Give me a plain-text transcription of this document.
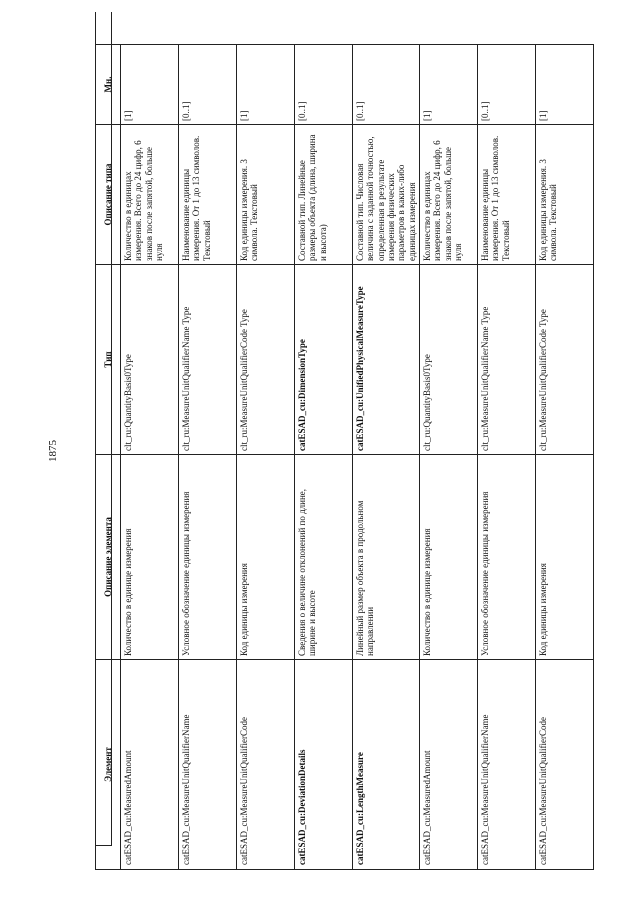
1875
Элемент	Описание элемента	Тип	Описание типа	Мн.
catESAD_cu:MeasuredAmount	Количество в единице измерения	clt_ru:QuantityBasis0Type	Количество в единицах измерения. Всего до 24 цифр, 6 знаков после запятой, больше нуля	[1]
catESAD_cu:MeasureUnitQualifierName	Условное обозначение единицы измерения	clt_ru:MeasureUnitQualifierName Type	Наименование единицы измерения. От 1 до 13 символов. Текстовый	[0..1]
catESAD_cu:MeasureUnitQualifierCode	Код единицы измерения	clt_ru:MeasureUnitQualifierCode Type	Код единицы измерения. 3 символа. Текстовый	[1]
catESAD_cu:DeviationDetails	Сведения о величине отклонений по длине, ширине и высоте	catESAD_cu:DimensionType	Составной тип. Линейные размеры объекта (длина, ширина и высота)	[0..1]
catESAD_cu:LengthMeasure	Линейный размер объекта в продольном направлении	catESAD_cu:UnifiedPhysicalMeasureType	Составной тип. Числовая величина с заданной точностью, определенная в результате измерения физических параметров в каких-либо единицах измерения	[0..1]
catESAD_cu:MeasuredAmount	Количество в единице измерения	clt_ru:QuantityBasis0Type	Количество в единицах измерения. Всего до 24 цифр, 6 знаков после запятой, больше нуля	[1]
catESAD_cu:MeasureUnitQualifierName	Условное обозначение единицы измерения	clt_ru:MeasureUnitQualifierName Type	Наименование единицы измерения. От 1 до 13 символов. Текстовый	[0..1]
catESAD_cu:MeasureUnitQualifierCode	Код единицы измерения	clt_ru:MeasureUnitQualifierCode Type	Код единицы измерения. 3 символа. Текстовый	[1]
